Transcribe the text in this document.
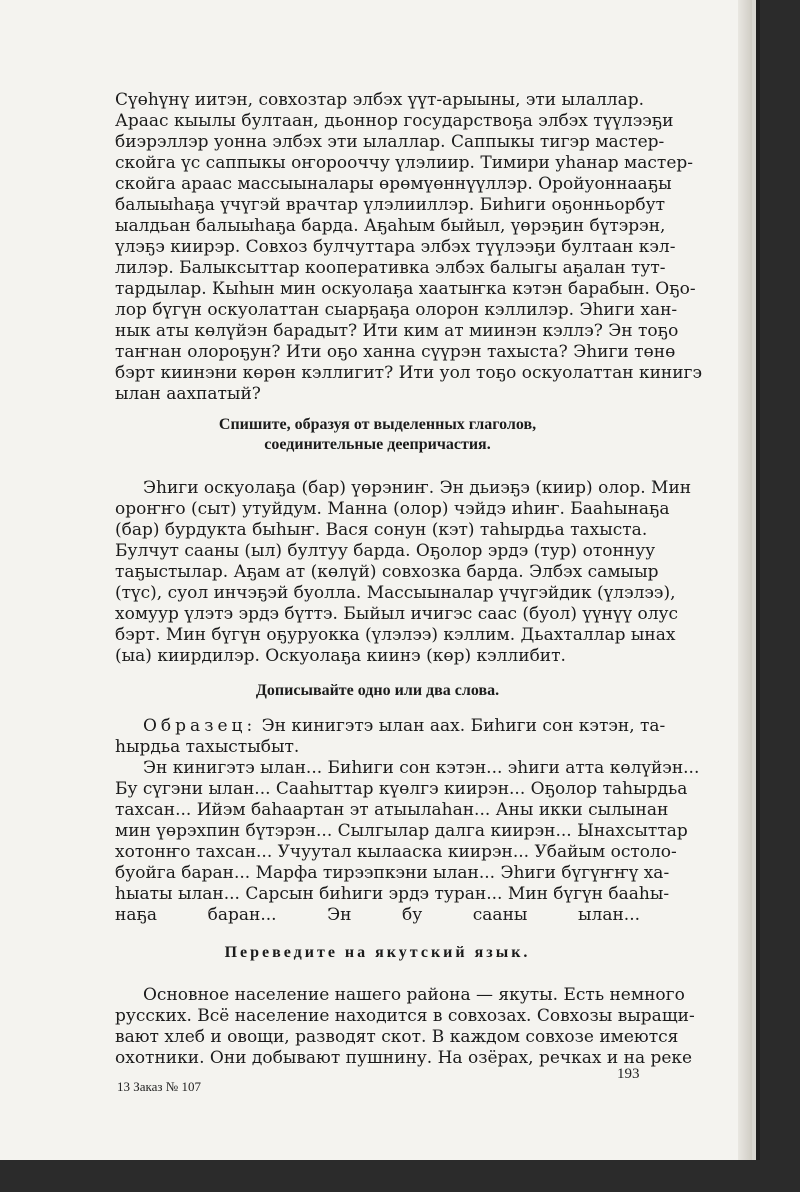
Сүөһүнү иитэн, совхозтар элбэх үүт-арыыны, эти ылаллар.
Араас кыылы бултаан, дьоннор государствоҕа элбэх түүлээҕи
биэрэллэр уонна элбэх эти ылаллар. Саппыкы тигэр мастер-
скойга үс саппыкы оҥорооччу үлэлиир. Тимири уһанар мастер-
скойга араас массыыналары өрөмүөннүүллэр. Оройуоннааҕы
балыыһаҕа үчүгэй врачтар үлэлииллэр. Биһиги оҕонньорбут
ыалдьан балыыһаҕа барда. Аҕаһым быйыл, үөрэҕин бүтэрэн,
үлэҕэ киирэр. Совхоз булчуттара элбэх түүлээҕи бултаан кэл-
лилэр. Балыксыттар кооперативка элбэх балыгы аҕалан тут-
тардылар. Кыһын мин оскуолаҕа хаатыҥка кэтэн барабын. Оҕо-
лор бүгүн оскуолаттан сыарҕаҕа олорон кэллилэр. Эһиги хан-
нык аты көлүйэн барадыт? Ити ким ат миинэн кэллэ? Эн тоҕо
таҥнан олороҕун? Ити оҕо ханна сүүрэн тахыста? Эһиги төнө
бэрт киинэни көрөн кэллигит? Ити уол тоҕо оскуолаттан кинигэ
ылан аахпатый?
Спишите, образуя от выделенных глаголов,
соединительные деепричастия.
Эһиги оскуолаҕа (бар) үөрэниҥ. Эн дьиэҕэ (киир) олор. Мин
ороҥҥо (сыт) утуйдум. Манна (олор) чэйдэ иһиҥ. Бааһынаҕа
(бар) бурдукта быһыҥ. Вася сонун (кэт) таһырдьа тахыста.
Булчут сааны (ыл) бултуу барда. Оҕолор эрдэ (тур) отоннуу
таҕыстылар. Аҕам ат (көлүй) совхозка барда. Элбэх самыыр
(түс), суол инчэҕэй буолла. Массыыналар үчүгэйдик (үлэлээ),
хомуур үлэтэ эрдэ бүттэ. Быйыл ичигэс саас (буол) үүнүү олус
бэрт. Мин бүгүн оҕуруокка (үлэлээ) кэллим. Дьахталлар ынах
(ыа) киирдилэр. Оскуолаҕа киинэ (көр) кэллибит.
Дописывайте одно или два слова.
Образец: Эн кинигэтэ ылан аах. Биһиги сон кэтэн, та-
һырдьа тахыстыбыт.
Эн кинигэтэ ылан... Биһиги сон кэтэн... эһиги атта көлүйэн...
Бу сүгэни ылан... Сааһыттар күөлгэ киирэн... Оҕолор таһырдьа
тахсан... Ийэм баһаартан эт атыылаһан... Аны икки сылынан
мин үөрэхпин бүтэрэн... Сылгылар далга киирэн... Ынахсыттар
хотонҥо тахсан... Учуутал кылааска киирэн... Убайым остоло-
буойга баран... Марфа тирээпкэни ылан... Эһиги бүгүҥҥү ха-
һыаты ылан... Сарсын биһиги эрдэ туран... Мин бүгүн бааһы-
наҕа баран... Эн бу сааны ылан...
Переведите на якутский язык.
Основное население нашего района — якуты. Есть немного
русских. Всё население находится в совхозах. Совхозы выращи-
вают хлеб и овощи, разводят скот. В каждом совхозе имеются
охотники. Они добывают пушнину. На озёрах, речках и на реке
13 Заказ № 107
193
